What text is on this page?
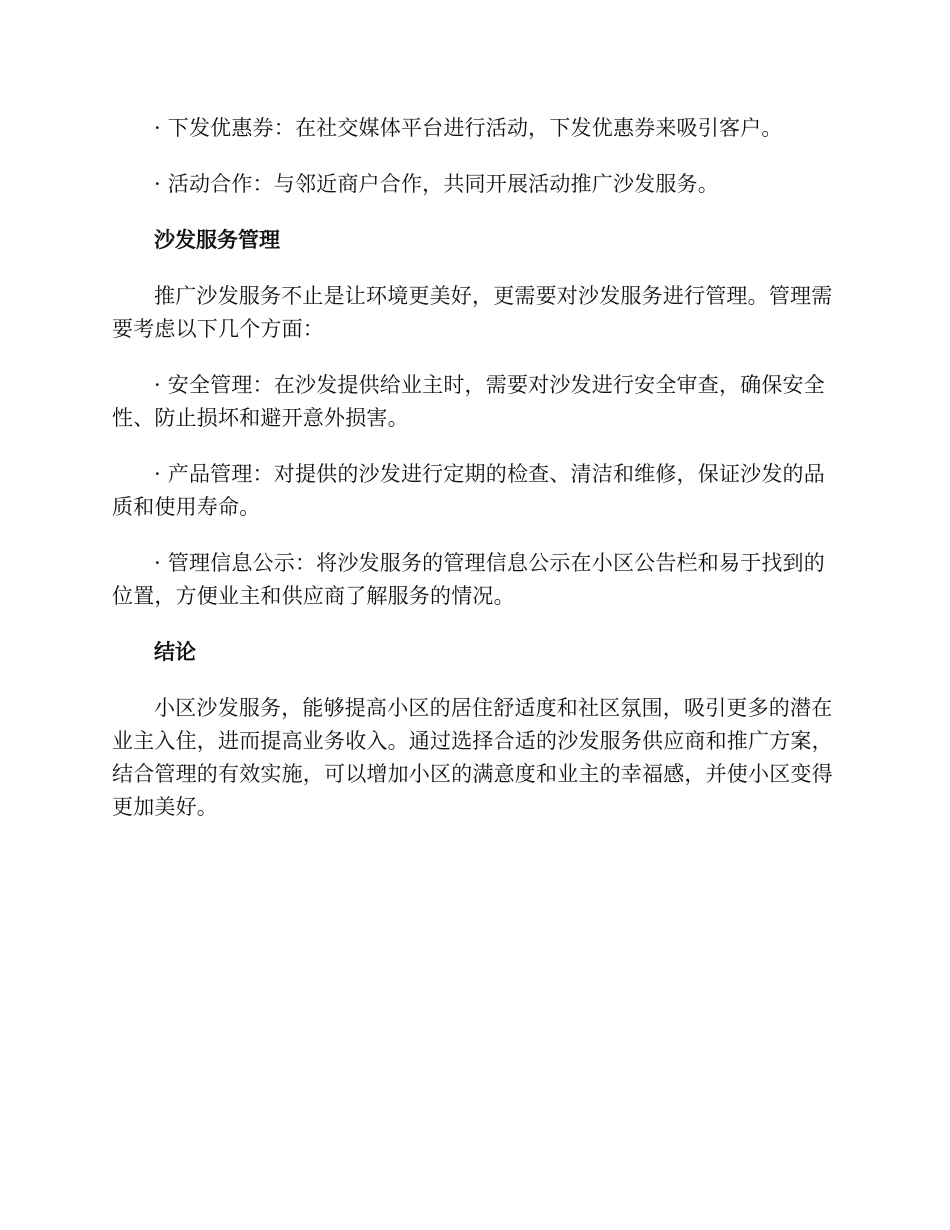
· 下发优惠券：在社交媒体平台进行活动，下发优惠券来吸引客户。

· 活动合作：与邻近商户合作，共同开展活动推广沙发服务。

沙发服务管理

推广沙发服务不止是让环境更美好，更需要对沙发服务进行管理。管理需要考虑以下几个方面：

· 安全管理：在沙发提供给业主时，需要对沙发进行安全审查，确保安全性、防止损坏和避开意外损害。

· 产品管理：对提供的沙发进行定期的检查、清洁和维修，保证沙发的品质和使用寿命。

· 管理信息公示：将沙发服务的管理信息公示在小区公告栏和易于找到的位置，方便业主和供应商了解服务的情况。

结论

小区沙发服务，能够提高小区的居住舒适度和社区氛围，吸引更多的潜在业主入住，进而提高业务收入。通过选择合适的沙发服务供应商和推广方案，结合管理的有效实施，可以增加小区的满意度和业主的幸福感，并使小区变得更加美好。
